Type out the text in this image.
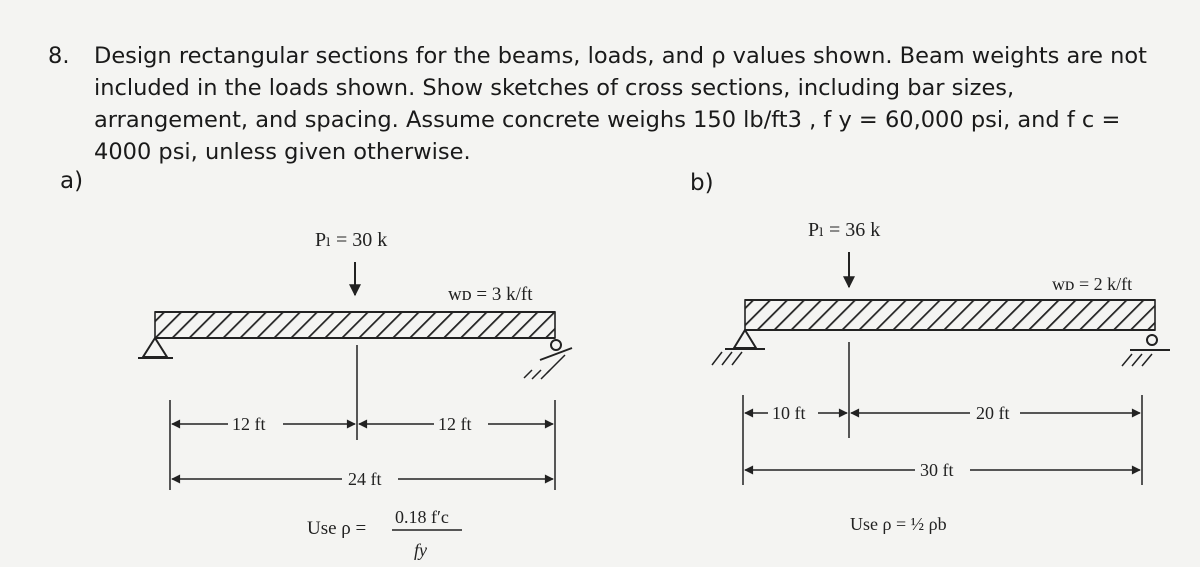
8. Design rectangular sections for the beams, loads, and ρ values shown. Beam weights are not included in the loads shown. Show sketches of cross sections, including bar sizes, arrangement, and spacing. Assume concrete weighs 150 lb/ft3 , f y = 60,000 psi, and f c = 4000 psi, unless given otherwise.
a)	b)
Pₗ = 30 k
wᴅ = 3 k/ft
12 ft	12 ft
24 ft
Use ρ =
0.18 f′c
fy
Pₗ = 36 k
wᴅ = 2 k/ft
10 ft	20 ft
30 ft
Use ρ = ½ ρb
